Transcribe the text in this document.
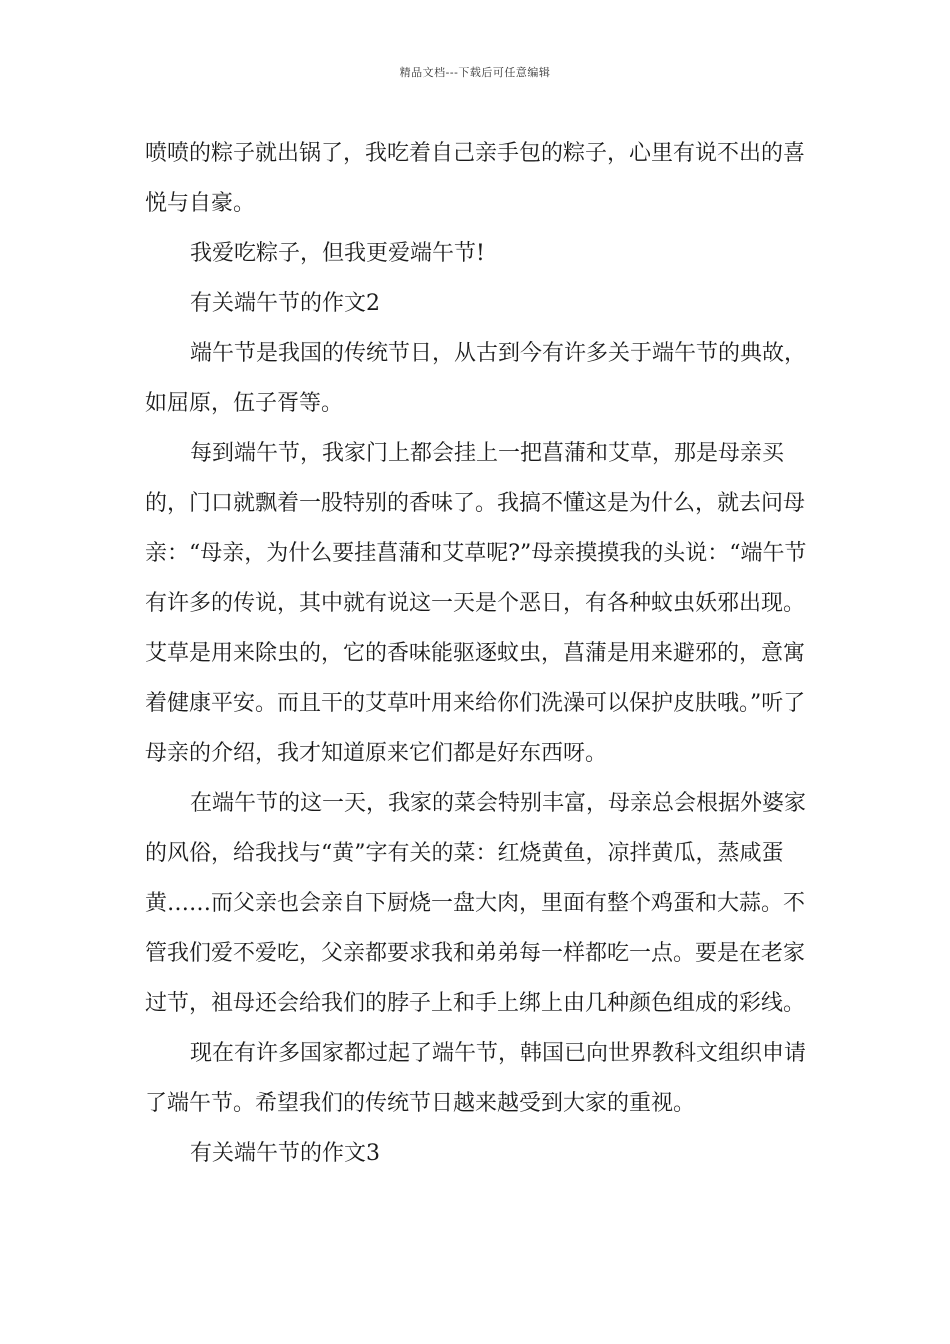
精品文档---下载后可任意编辑

喷喷的粽子就出锅了，我吃着自己亲手包的粽子，心里有说不出的喜悦与自豪。

我爱吃粽子，但我更爱端午节!

有关端午节的作文2

端午节是我国的传统节日，从古到今有许多关于端午节的典故，如屈原，伍子胥等。

每到端午节，我家门上都会挂上一把菖蒲和艾草，那是母亲买的，门口就飘着一股特别的香味了。我搞不懂这是为什么，就去问母亲：“母亲，为什么要挂菖蒲和艾草呢?”母亲摸摸我的头说：“端午节有许多的传说，其中就有说这一天是个恶日，有各种蚊虫妖邪出现。艾草是用来除虫的，它的香味能驱逐蚊虫，菖蒲是用来避邪的，意寓着健康平安。而且干的艾草叶用来给你们洗澡可以保护皮肤哦。”听了母亲的介绍，我才知道原来它们都是好东西呀。

在端午节的这一天，我家的菜会特别丰富，母亲总会根据外婆家的风俗，给我找与“黄”字有关的菜：红烧黄鱼，凉拌黄瓜，蒸咸蛋黄……而父亲也会亲自下厨烧一盘大肉，里面有整个鸡蛋和大蒜。不管我们爱不爱吃，父亲都要求我和弟弟每一样都吃一点。要是在老家过节，祖母还会给我们的脖子上和手上绑上由几种颜色组成的彩线。

现在有许多国家都过起了端午节，韩国已向世界教科文组织申请了端午节。希望我们的传统节日越来越受到大家的重视。

有关端午节的作文3
